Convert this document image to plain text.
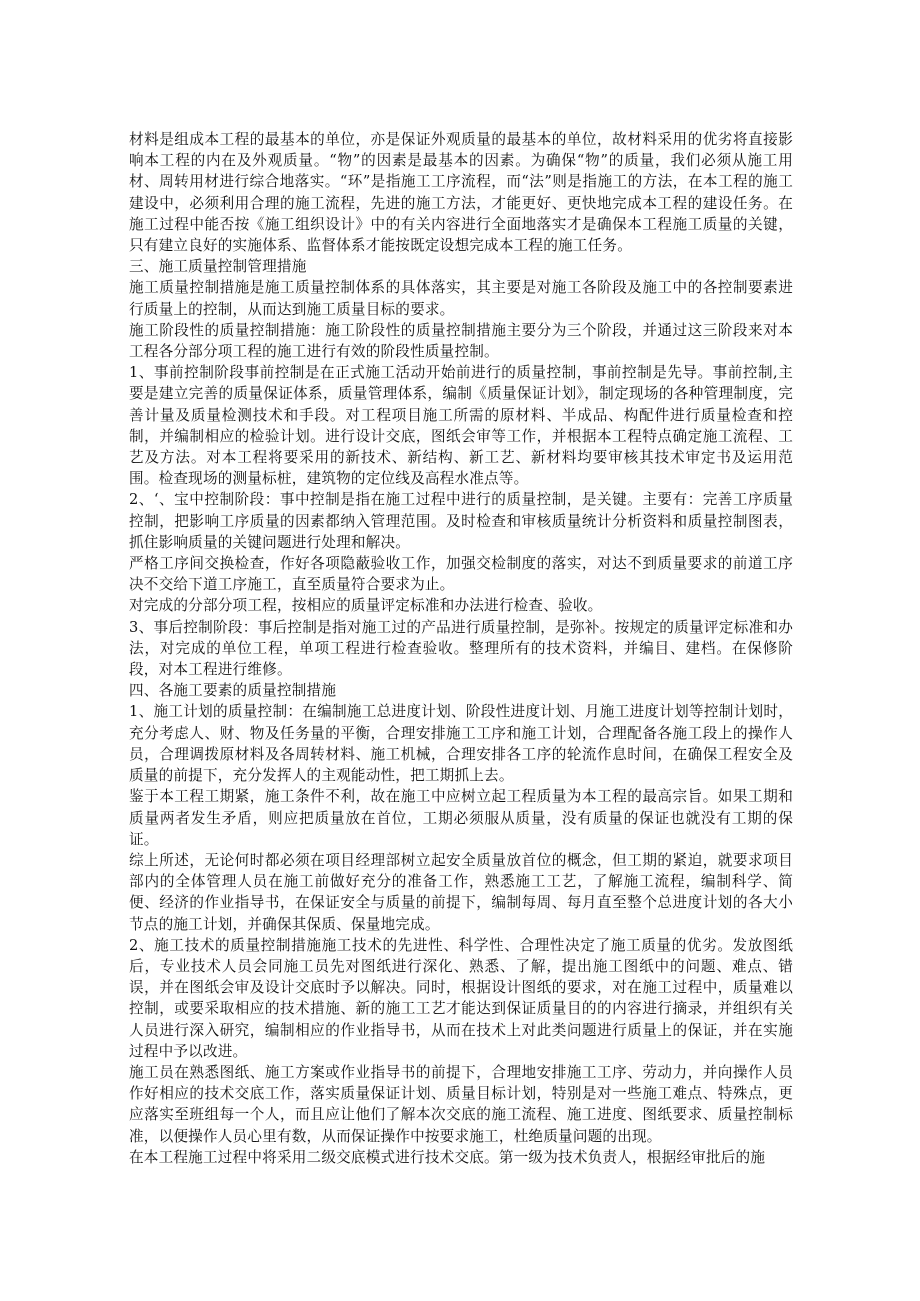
材料是组成本工程的最基本的单位，亦是保证外观质量的最基本的单位，故材料采用的优劣将直接影响本工程的内在及外观质量。“物”的因素是最基本的因素。为确保“物”的质量，我们必须从施工用材、周转用材进行综合地落实。“环”是指施工工序流程，而“法”则是指施工的方法，在本工程的施工建设中，必须利用合理的施工流程，先进的施工方法，才能更好、更快地完成本工程的建设任务。在施工过程中能否按《施工组织设计》中的有关内容进行全面地落实才是确保本工程施工质量的关键，只有建立良好的实施体系、监督体系才能按既定设想完成本工程的施工任务。

三、施工质量控制管理措施

施工质量控制措施是施工质量控制体系的具体落实，其主要是对施工各阶段及施工中的各控制要素进行质量上的控制，从而达到施工质量目标的要求。

施工阶段性的质量控制措施：施工阶段性的质量控制措施主要分为三个阶段，并通过这三阶段来对本工程各分部分项工程的施工进行有效的阶段性质量控制。

1、事前控制阶段事前控制是在正式施工活动开始前进行的质量控制，事前控制是先导。事前控制,主要是建立完善的质量保证体系，质量管理体系，编制《质量保证计划》，制定现场的各种管理制度，完善计量及质量检测技术和手段。对工程项目施工所需的原材料、半成品、构配件进行质量检查和控制，并编制相应的检验计划。进行设计交底，图纸会审等工作，并根据本工程特点确定施工流程、工艺及方法。对本工程将要采用的新技术、新结构、新工艺、新材料均要审核其技术审定书及运用范围。检查现场的测量标桩，建筑物的定位线及高程水准点等。

2、‘、宝中控制阶段：事中控制是指在施工过程中进行的质量控制，是关键。主要有：完善工序质量控制，把影响工序质量的因素都纳入管理范围。及时检查和审核质量统计分析资料和质量控制图表，抓住影响质量的关键问题进行处理和解决。

严格工序间交换检查，作好各项隐蔽验收工作，加强交检制度的落实，对达不到质量要求的前道工序决不交给下道工序施工，直至质量符合要求为止。

对完成的分部分项工程，按相应的质量评定标准和办法进行检查、验收。

3、事后控制阶段：事后控制是指对施工过的产品进行质量控制，是弥补。按规定的质量评定标准和办法，对完成的单位工程，单项工程进行检查验收。整理所有的技术资料，并编目、建档。在保修阶段，对本工程进行维修。

四、各施工要素的质量控制措施

1、施工计划的质量控制：在编制施工总进度计划、阶段性进度计划、月施工进度计划等控制计划时，充分考虑人、财、物及任务量的平衡，合理安排施工工序和施工计划，合理配备各施工段上的操作人员，合理调拨原材料及各周转材料、施工机械，合理安排各工序的轮流作息时间，在确保工程安全及质量的前提下，充分发挥人的主观能动性，把工期抓上去。

鉴于本工程工期紧，施工条件不利，故在施工中应树立起工程质量为本工程的最高宗旨。如果工期和质量两者发生矛盾，则应把质量放在首位，工期必须服从质量，没有质量的保证也就没有工期的保证。

综上所述，无论何时都必须在项目经理部树立起安全质量放首位的概念，但工期的紧迫，就要求项目部内的全体管理人员在施工前做好充分的准备工作，熟悉施工工艺，了解施工流程，编制科学、简便、经济的作业指导书，在保证安全与质量的前提下，编制每周、每月直至整个总进度计划的各大小节点的施工计划，并确保其保质、保量地完成。

2、施工技术的质量控制措施施工技术的先进性、科学性、合理性决定了施工质量的优劣。发放图纸后，专业技术人员会同施工员先对图纸进行深化、熟悉、了解，提出施工图纸中的问题、难点、错误，并在图纸会审及设计交底时予以解决。同时，根据设计图纸的要求，对在施工过程中，质量难以控制，或要采取相应的技术措施、新的施工工艺才能达到保证质量目的的内容进行摘录，并组织有关人员进行深入研究，编制相应的作业指导书，从而在技术上对此类问题进行质量上的保证，并在实施过程中予以改进。

施工员在熟悉图纸、施工方案或作业指导书的前提下，合理地安排施工工序、劳动力，并向操作人员作好相应的技术交底工作，落实质量保证计划、质量目标计划，特别是对一些施工难点、特殊点，更应落实至班组每一个人，而且应让他们了解本次交底的施工流程、施工进度、图纸要求、质量控制标准，以便操作人员心里有数，从而保证操作中按要求施工，杜绝质量问题的出现。

在本工程施工过程中将采用二级交底模式进行技术交底。第一级为技术负责人，根据经审批后的施
